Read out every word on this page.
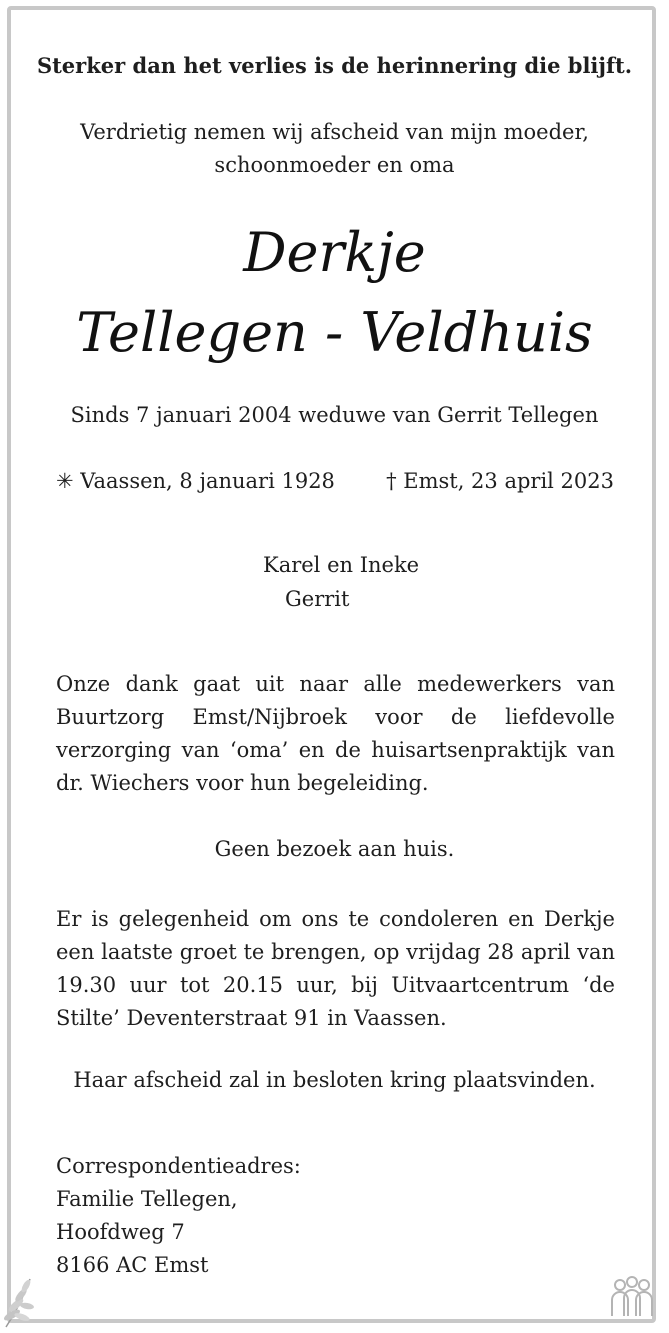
Sterker dan het verlies is de herinnering die blijft.
Verdrietig nemen wij afscheid van mijn moeder,
schoonmoeder en oma
Derkje
Tellegen - Veldhuis
Sinds 7 januari 2004 weduwe van Gerrit Tellegen
✳ Vaassen, 8 januari 1928 † Emst, 23 april 2023
Karel en Ineke
Gerrit
Onze dank gaat uit naar alle medewerkers van Buurtzorg Emst/Nijbroek voor de liefdevolle verzorging van ‘oma’ en de huisartsenpraktijk van dr. Wiechers voor hun begeleiding.
Geen bezoek aan huis.
Er is gelegenheid om ons te condoleren en Derkje een laatste groet te brengen, op vrijdag 28 april van 19.30 uur tot 20.15 uur, bij Uitvaartcentrum ‘de Stilte’ Deventerstraat 91 in Vaassen.
Haar afscheid zal in besloten kring plaatsvinden.
Correspondentieadres:
Familie Tellegen,
Hoofdweg 7
8166 AC Emst
